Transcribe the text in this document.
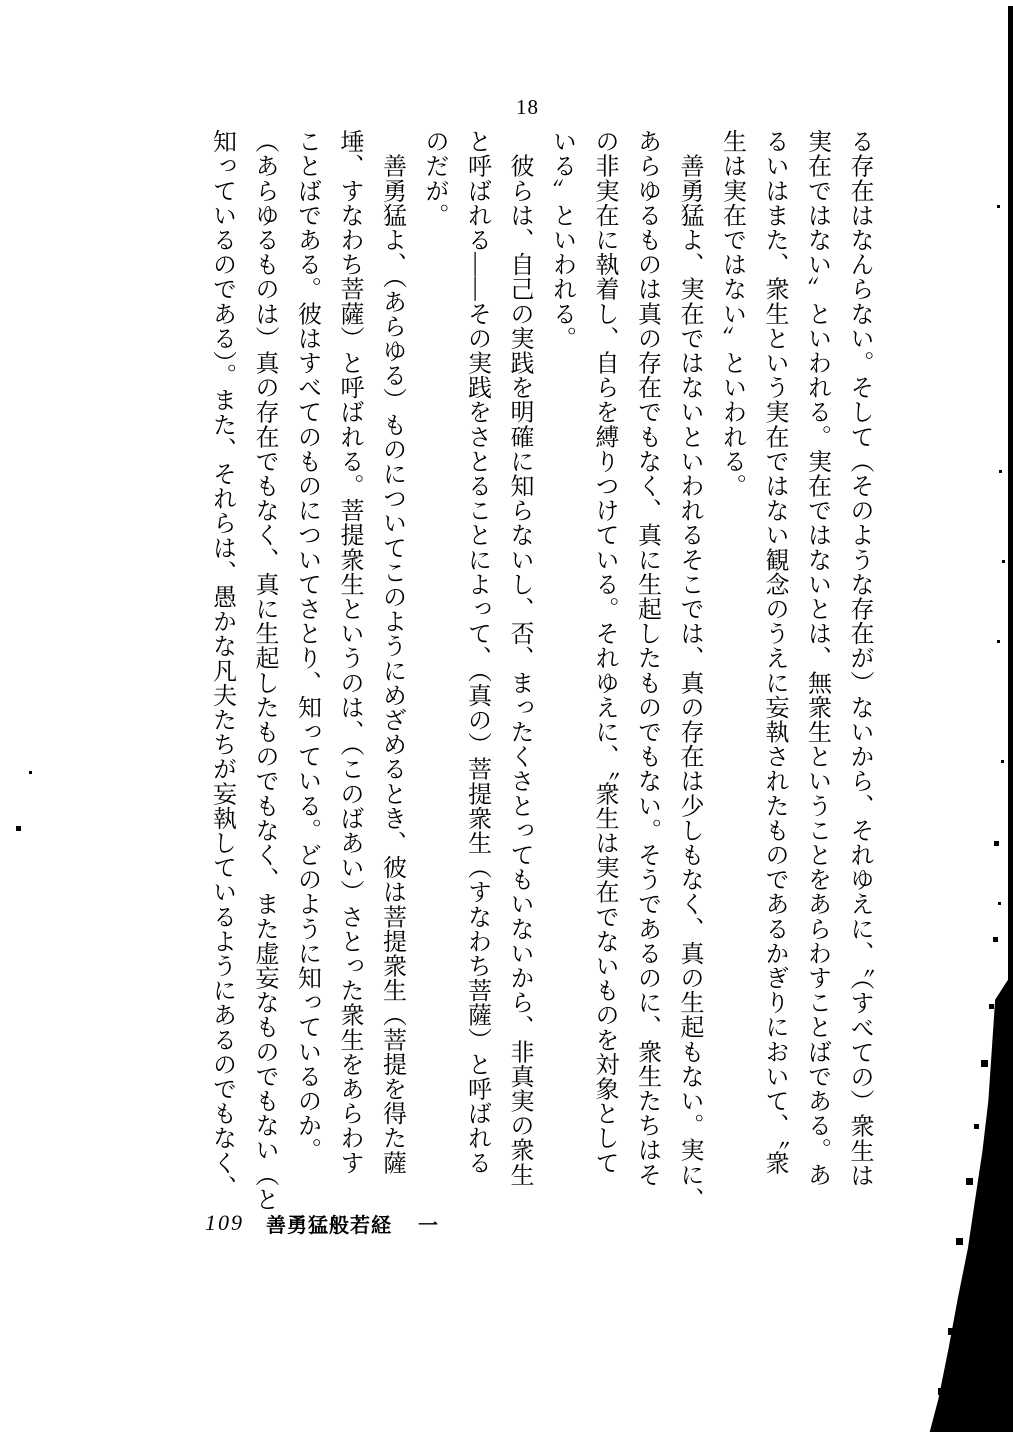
18
る存在はなんらない。そして（そのような存在が）ないから、それゆえに、〝（すべての）衆生は
実在ではない〟といわれる。実在ではないとは、無衆生ということをあらわすことばである。あ
るいはまた、衆生という実在ではない観念のうえに妄執されたものであるかぎりにおいて、〝衆
生は実在ではない〟といわれる。
　善勇猛よ、実在ではないといわれるそこでは、真の存在は少しもなく、真の生起もない。実に、
あらゆるものは真の存在でもなく、真に生起したものでもない。そうであるのに、衆生たちはそ
の非実在に執着し、自らを縛りつけている。それゆえに、〝衆生は実在でないものを対象として
いる〟といわれる。
　彼らは、自己の実践を明確に知らないし、否、まったくさとってもいないから、非真実の衆生
と呼ばれる——その実践をさとることによって、（真の）菩提衆生（すなわち菩薩）と呼ばれる
のだが。
　善勇猛よ、（あらゆる）ものについてこのようにめざめるとき、彼は菩提衆生（菩提を得た薩
埵、すなわち菩薩）と呼ばれる。菩提衆生というのは、（このばあい）さとった衆生をあらわす
ことばである。彼はすべてのものについてさとり、知っている。どのように知っているのか。
（あらゆるものは）真の存在でもなく、真に生起したものでもなく、また虚妄なものでもない（と
知っているのである）。また、それらは、愚かな凡夫たちが妄執しているようにあるのでもなく、
109 善勇猛般若経 一
